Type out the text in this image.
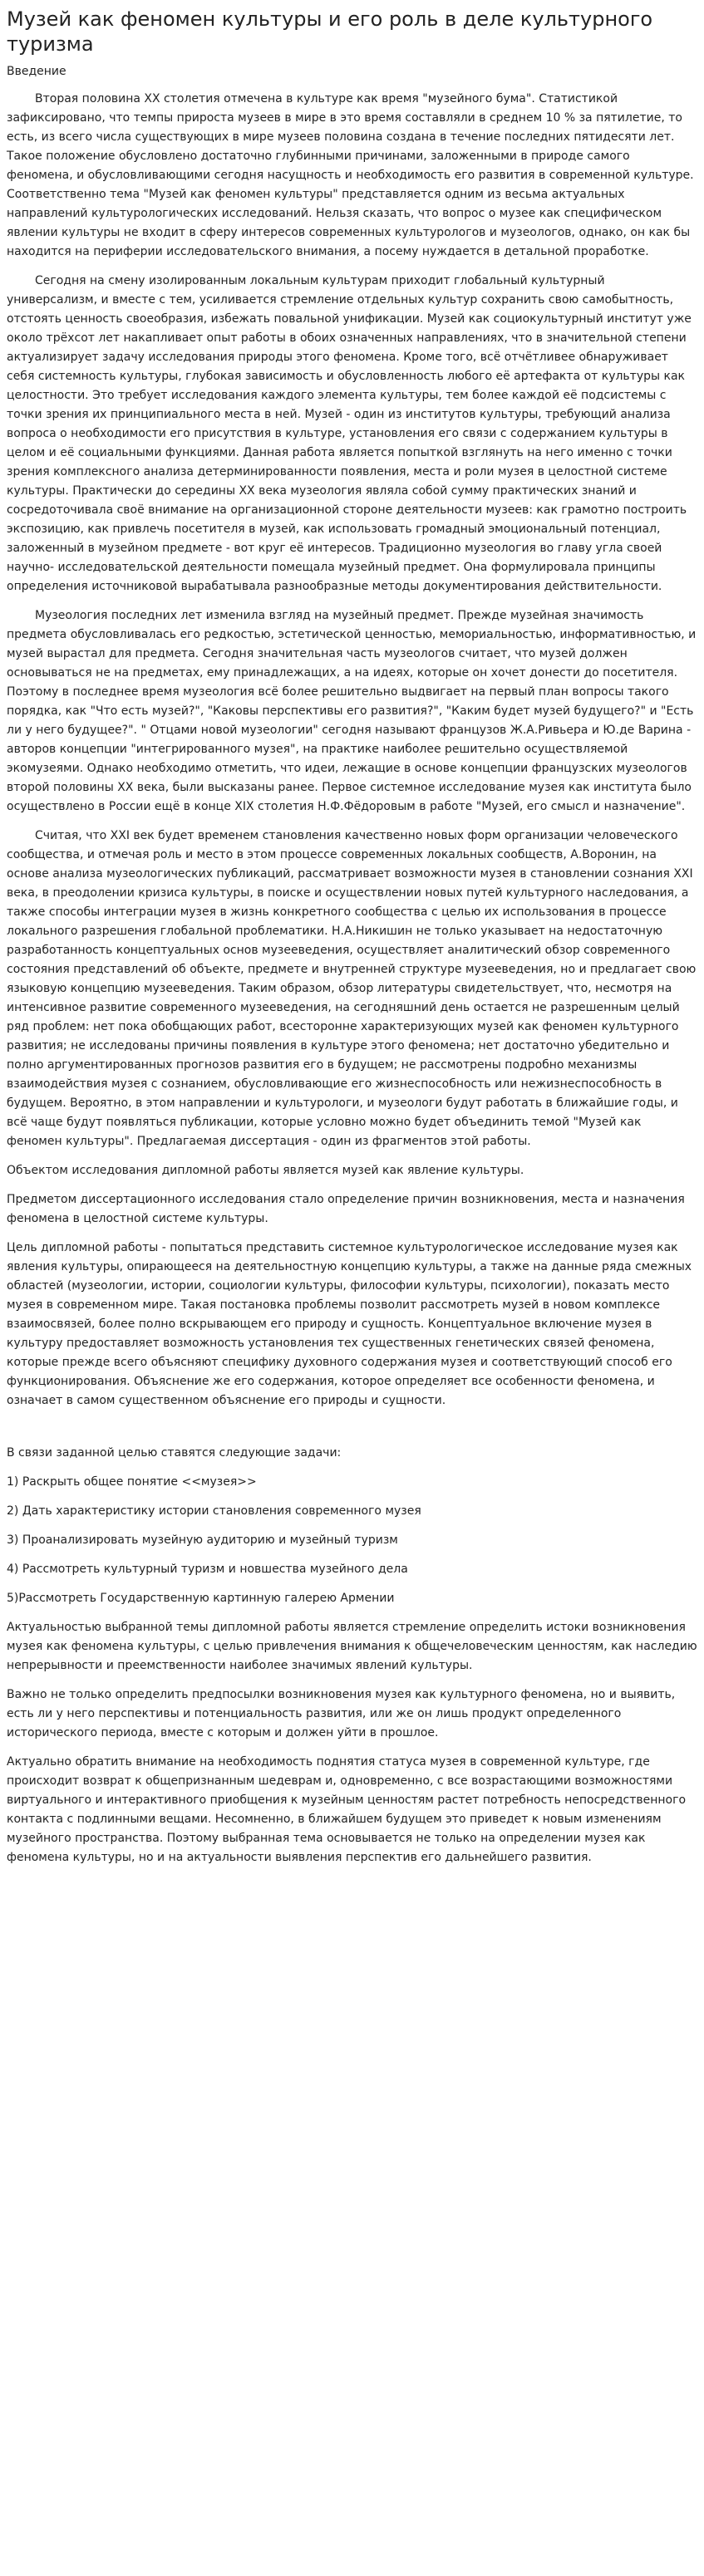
Музей как феномен культуры и его роль в деле культурного туризма
Введение

Вторая половина XX столетия отмечена в культуре как время "музейного бума". Статистикой зафиксировано, что темпы прироста музеев в мире в это время составляли в среднем 10 % за пятилетие, то есть, из всего числа существующих в мире музеев половина создана в течение последних пятидесяти лет. Такое положение обусловлено достаточно глубинными причинами, заложенными в природе самого феномена, и обусловливающими сегодня насущность и необходимость его развития в современной культуре. Соответственно тема "Музей как феномен культуры" представляется одним из весьма актуальных направлений культурологических исследований. Нельзя сказать, что вопрос о музее как специфическом явлении культуры не входит в сферу интересов современных культурологов и музеологов, однако, он как бы находится на периферии исследовательского внимания, а посему нуждается в детальной проработке.

Сегодня на смену изолированным локальным культурам приходит глобальный культурный универсализм, и вместе с тем, усиливается стремление отдельных культур сохранить свою самобытность, отстоять ценность своеобразия, избежать повальной унификации. Музей как социокультурный институт уже около трёхсот лет накапливает опыт работы в обоих означенных направлениях, что в значительной степени актуализирует задачу исследования природы этого феномена. Кроме того, всё отчётливее обнаруживает себя системность культуры, глубокая зависимость и обусловленность любого её артефакта от культуры как целостности. Это требует исследования каждого элемента культуры, тем более каждой её подсистемы с точки зрения их принципиального места в ней. Музей - один из институтов культуры, требующий анализа вопроса о необходимости его присутствия в культуре, установления его связи с содержанием культуры в целом и её социальными функциями. Данная работа является попыткой взглянуть на него именно с точки зрения комплексного анализа детерминированности появления, места и роли музея в целостной системе культуры. Практически до середины XX века музеология являла собой сумму практических знаний и сосредоточивала своё внимание на организационной стороне деятельности музеев: как грамотно построить экспозицию, как привлечь посетителя в музей, как использовать громадный эмоциональный потенциал, заложенный в музейном предмете - вот круг её интересов. Традиционно музеология во главу угла своей научно- исследовательской деятельности помещала музейный предмет. Она формулировала принципы определения источниковой вырабатывала разнообразные методы документирования действительности.

Музеология последних лет изменила взгляд на музейный предмет. Прежде музейная значимость предмета обусловливалась его редкостью, эстетической ценностью, мемориальностью, информативностью, и музей вырастал для предмета. Сегодня значительная часть музеологов считает, что музей должен основываться не на предметах, ему принадлежащих, а на идеях, которые он хочет донести до посетителя. Поэтому в последнее время музеология всё более решительно выдвигает на первый план вопросы такого порядка, как "Что есть музей?", "Каковы перспективы его развития?", "Каким будет музей будущего?" и "Есть ли у него будущее?". " Отцами новой музеологии" сегодня называют французов Ж.А.Ривьера и Ю.де Варина - авторов концепции "интегрированного музея", на практике наиболее решительно осуществляемой экомузеями. Однако необходимо отметить, что идеи, лежащие в основе концепции французских музеологов второй половины XX века, были высказаны ранее. Первое системное исследование музея как института было осуществлено в России ещё в конце XIX столетия Н.Ф.Фёдоровым в работе "Музей, его смысл и назначение".

Считая, что XXI век будет временем становления качественно новых форм организации человеческого сообщества, и отмечая роль и место в этом процессе современных локальных сообществ, А.Воронин, на основе анализа музеологических публикаций, рассматривает возможности музея в становлении сознания XXI века, в преодолении кризиса культуры, в поиске и осуществлении новых путей культурного наследования, а также способы интеграции музея в жизнь конкретного сообщества с целью их использования в процессе локального разрешения глобальной проблематики. Н.А.Никишин не только указывает на недостаточную разработанность концептуальных основ музееведения, осуществляет аналитический обзор современного состояния представлений об объекте, предмете и внутренней структуре музееведения, но и предлагает свою языковую концепцию музееведения. Таким образом, обзор литературы свидетельствует, что, несмотря на интенсивное развитие современного музееведения, на сегодняшний день остается не разрешенным целый ряд проблем: нет пока обобщающих работ, всесторонне характеризующих музей как феномен культурного развития; не исследованы причины появления в культуре этого феномена; нет достаточно убедительно и полно аргументированных прогнозов развития его в будущем; не рассмотрены подробно механизмы взаимодействия музея с сознанием, обусловливающие его жизнеспособность или нежизнеспособность в будущем. Вероятно, в этом направлении и культурологи, и музеологи будут работать в ближайшие годы, и всё чаще будут появляться публикации, которые условно можно будет объединить темой "Музей как феномен культуры". Предлагаемая диссертация - один из фрагментов этой работы.

Объектом исследования дипломной работы является музей как явление культуры.

Предметом диссертационного исследования стало определение причин возникновения, места и назначения феномена в целостной системе культуры.

Цель дипломной работы - попытаться представить системное культурологическое исследование музея как явления культуры, опирающееся на деятельностную концепцию культуры, а также на данные ряда смежных областей (музеологии, истории, социологии культуры, философии культуры, психологии), показать место музея в современном мире. Такая постановка проблемы позволит рассмотреть музей в новом комплексе взаимосвязей, более полно вскрывающем его природу и сущность. Концептуальное включение музея в культуру предоставляет возможность установления тех существенных генетических связей феномена, которые прежде всего объясняют специфику духовного содержания музея и соответствующий способ его функционирования. Объяснение же его содержания, которое определяет все особенности феномена, и означает в самом существенном объяснение его природы и сущности.

В связи заданной целью ставятся следующие задачи:

1) Раскрыть общее понятие <<музея>>

2) Дать характеристику истории становления современного музея

3) Проанализировать музейную аудиторию и музейный туризм

4) Рассмотреть культурный туризм и новшества музейного дела

5)Рассмотреть Государственную картинную галерею Армении

Актуальностью выбранной темы дипломной работы является стремление определить истоки возникновения музея как феномена культуры, с целью привлечения внимания к общечеловеческим ценностям, как наследию непрерывности и преемственности наиболее значимых явлений культуры.

Важно не только определить предпосылки возникновения музея как культурного феномена, но и выявить, есть ли у него перспективы и потенциальность развития, или же он лишь продукт определенного исторического периода, вместе с которым и должен уйти в прошлое.

Актуально обратить внимание на необходимость поднятия статуса музея в современной культуре, где происходит возврат к общепризнанным шедеврам и, одновременно, с все возрастающими возможностями виртуального и интерактивного приобщения к музейным ценностям растет потребность непосредственного контакта с подлинными вещами. Несомненно, в ближайшем будущем это приведет к новым изменениям музейного пространства. Поэтому выбранная тема основывается не только на определении музея как феномена культуры, но и на актуальности выявления перспектив его дальнейшего развития.
